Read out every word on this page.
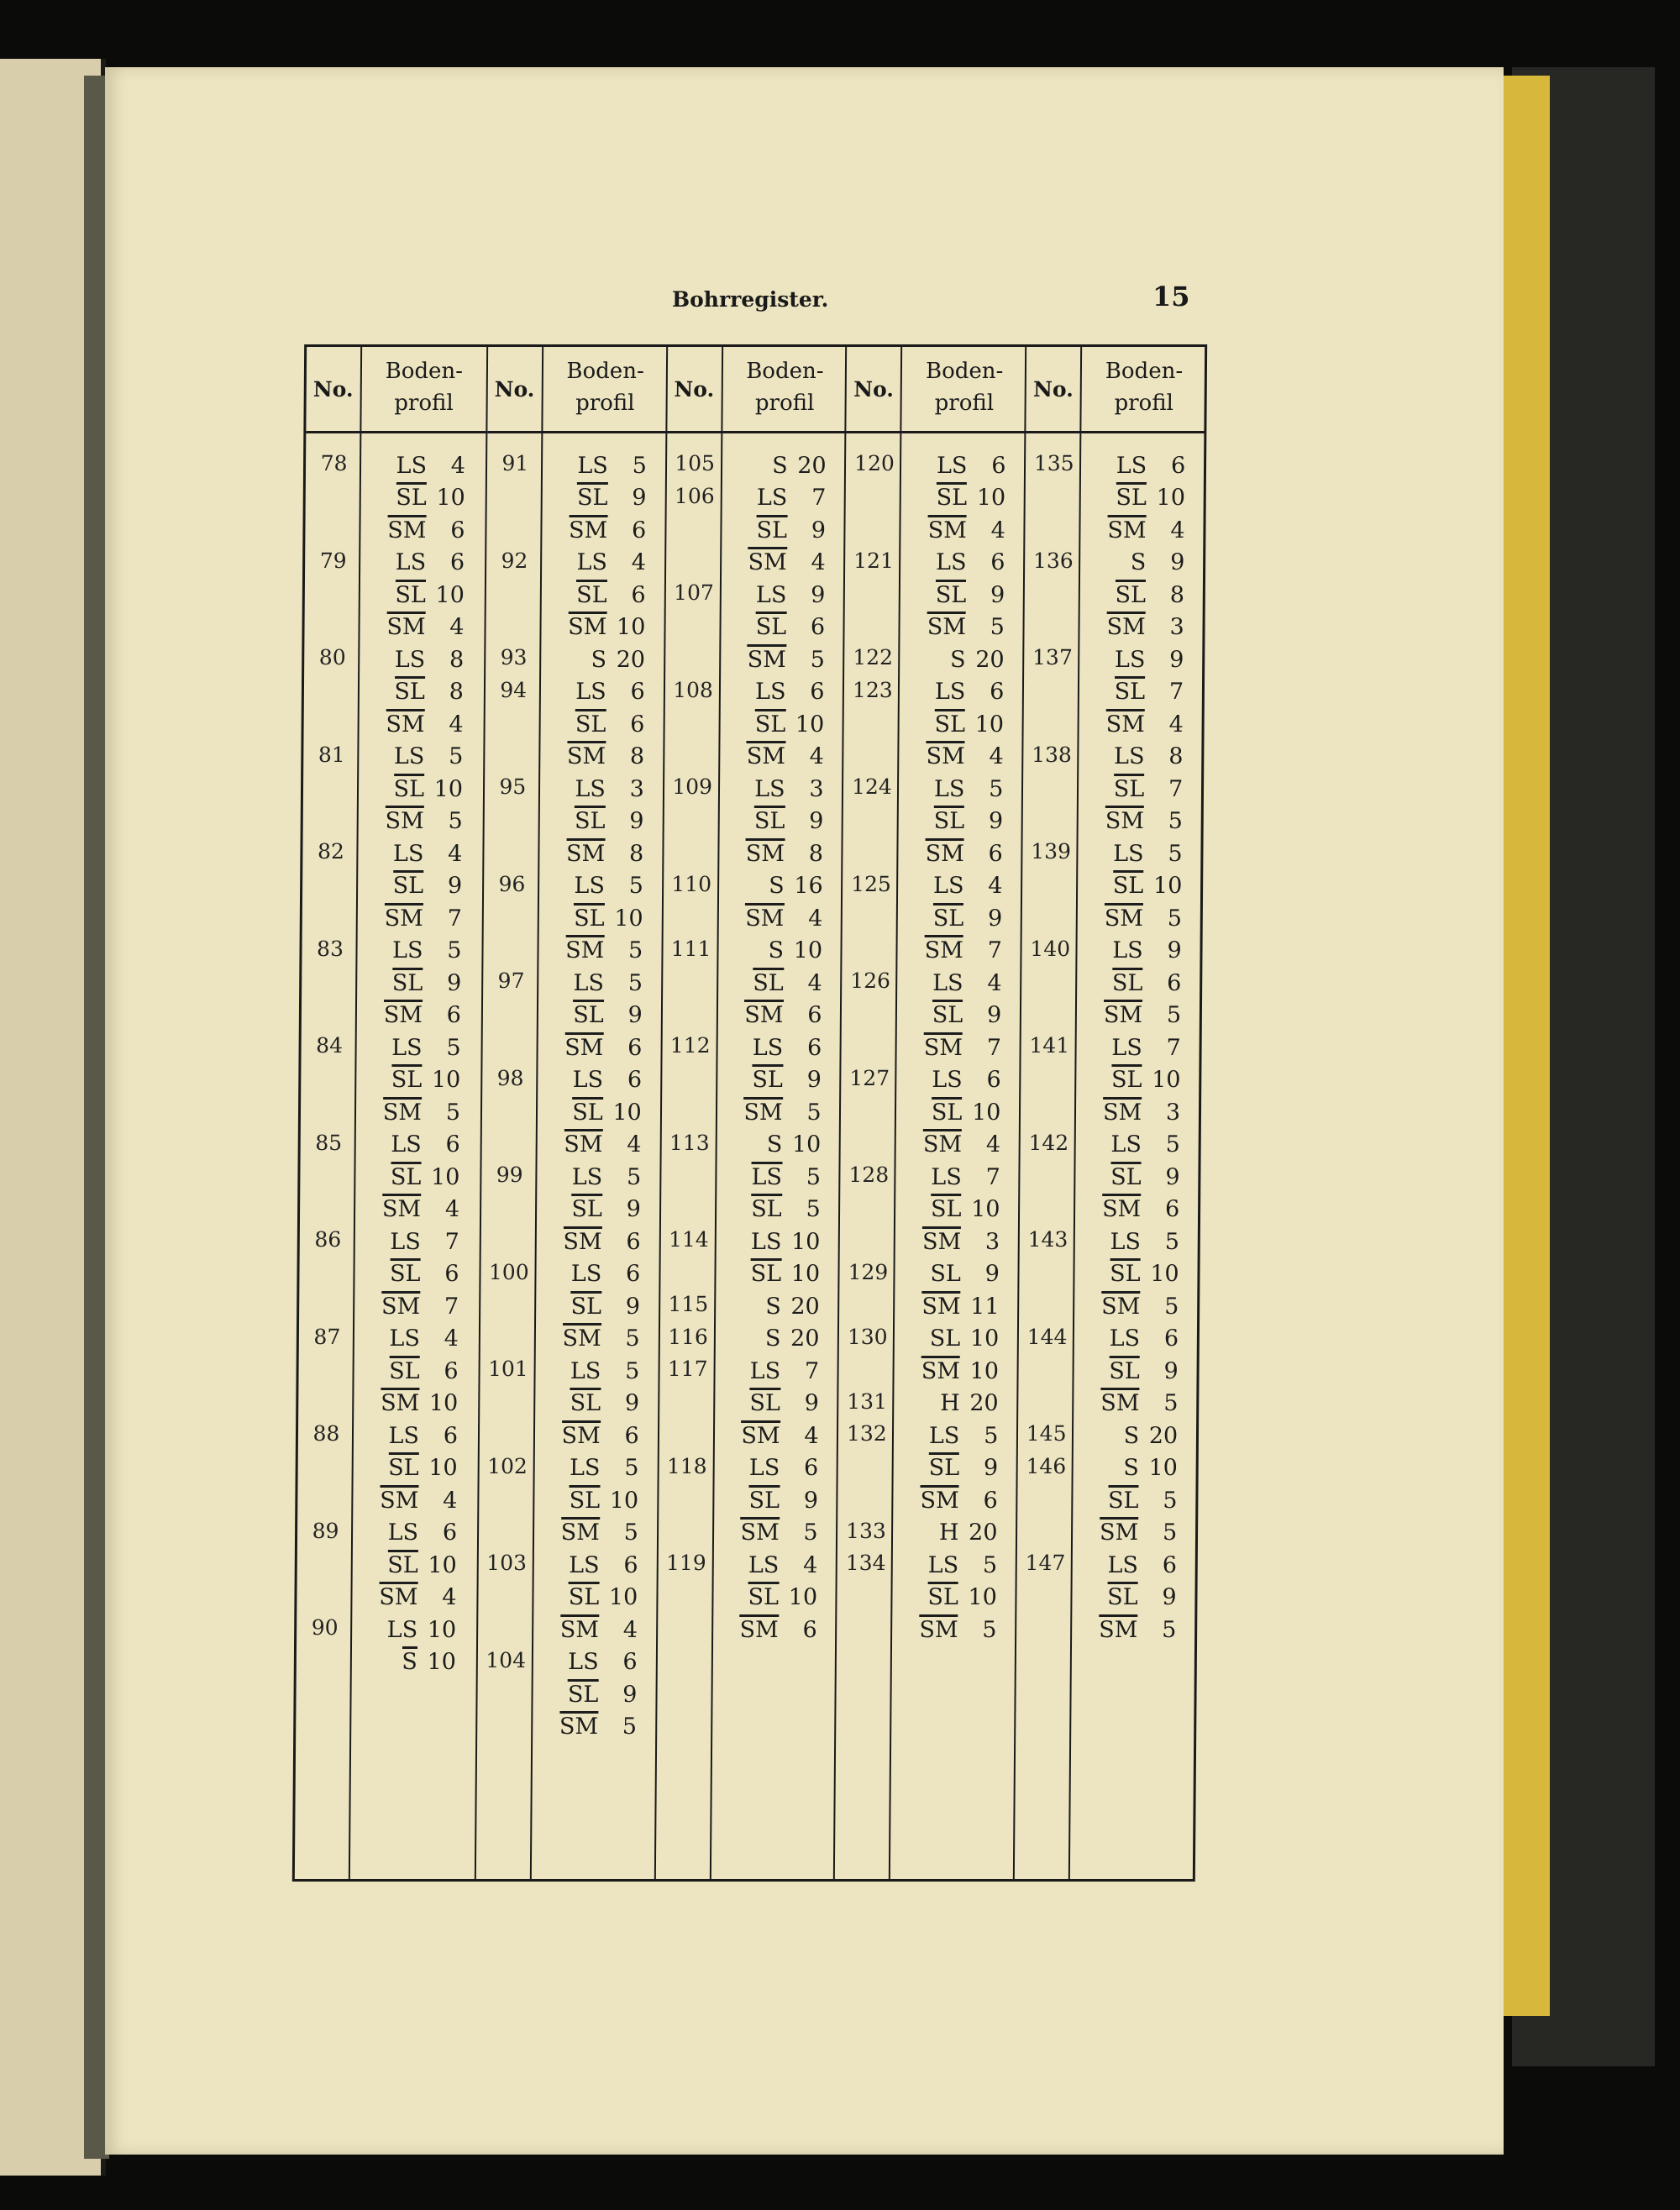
Bohrregister.	15
No.
Boden-
profil
78	LS	4
SL 10
SM	6
79	LS	6
SL 10
SM	4
80	LS	8
SL	8
SM	4
81	LS	5
SL 10
SM	5
82	LS	4
SL	9
SM	7
83	LS	5
SL	9
SM	6
84	LS	5
SL 10
SM	5
85	LS	6
SL 10
SM	4
86	LS	7
SL	6
SM	7
87	LS	4
SL	6
SM 10
88	LS	6
SL 10
SM	4
89	LS	6
SL 10
SM	4
90	LS 10
S 10
No.
Boden-
profil
91	LS	5
SL	9
SM	6
92	LS	4
SL	6
SM 10
93	S 20
94	LS	6
SL	6
SM	8
95	LS	3
SL	9
SM	8
96	LS	5
SL 10
SM	5
97	LS	5
SL	9
SM	6
98	LS	6
SL 10
SM	4
99	LS	5
SL	9
SM	6
100	LS	6
SL	9
SM	5
101	LS	5
SL	9
SM	6
102	LS	5
SL 10
SM	5
103	LS	6
SL 10
SM	4
104	LS	6
SL	9
SM	5
No.
Boden-
profil
105	S 20
106	LS	7
SL	9
SM	4
107	LS	9
SL	6
SM	5
108	LS	6
SL 10
SM	4
109	LS	3
SL	9
SM	8
110	S 16
SM	4
111	S 10
SL	4
SM	6
112	LS	6
SL	9
SM	5
113	S 10
LS	5
SL	5
114	LS 10
SL 10
115	S 20
116	S 20
117	LS	7
SL	9
SM	4
118	LS	6
SL	9
SM	5
119	LS	4
SL 10
SM	6
No.
Boden-
profil
120	LS	6
SL 10
SM	4
121	LS	6
SL	9
SM	5
122	S 20
123	LS	6
SL 10
SM	4
124	LS	5
SL	9
SM	6
125	LS	4
SL	9
SM	7
126	LS	4
SL	9
SM	7
127	LS	6
SL 10
SM	4
128	LS	7
SL 10
SM	3
129	SL	9
SM 11
130	SL 10
SM 10
131	H 20
132	LS	5
SL	9
SM	6
133	H 20
134	LS	5
SL 10
SM	5
No.
Boden-
profil
135	LS	6
SL 10
SM	4
136	S	9
SL	8
SM	3
137	LS	9
SL	7
SM	4
138	LS	8
SL	7
SM	5
139	LS	5
SL 10
SM	5
140	LS	9
SL	6
SM	5
141	LS	7
SL 10
SM	3
142	LS	5
SL	9
SM	6
143	LS	5
SL 10
SM	5
144	LS	6
SL	9
SM	5
145	S 20
146	S 10
SL	5
SM	5
147	LS	6
SL	9
SM	5
